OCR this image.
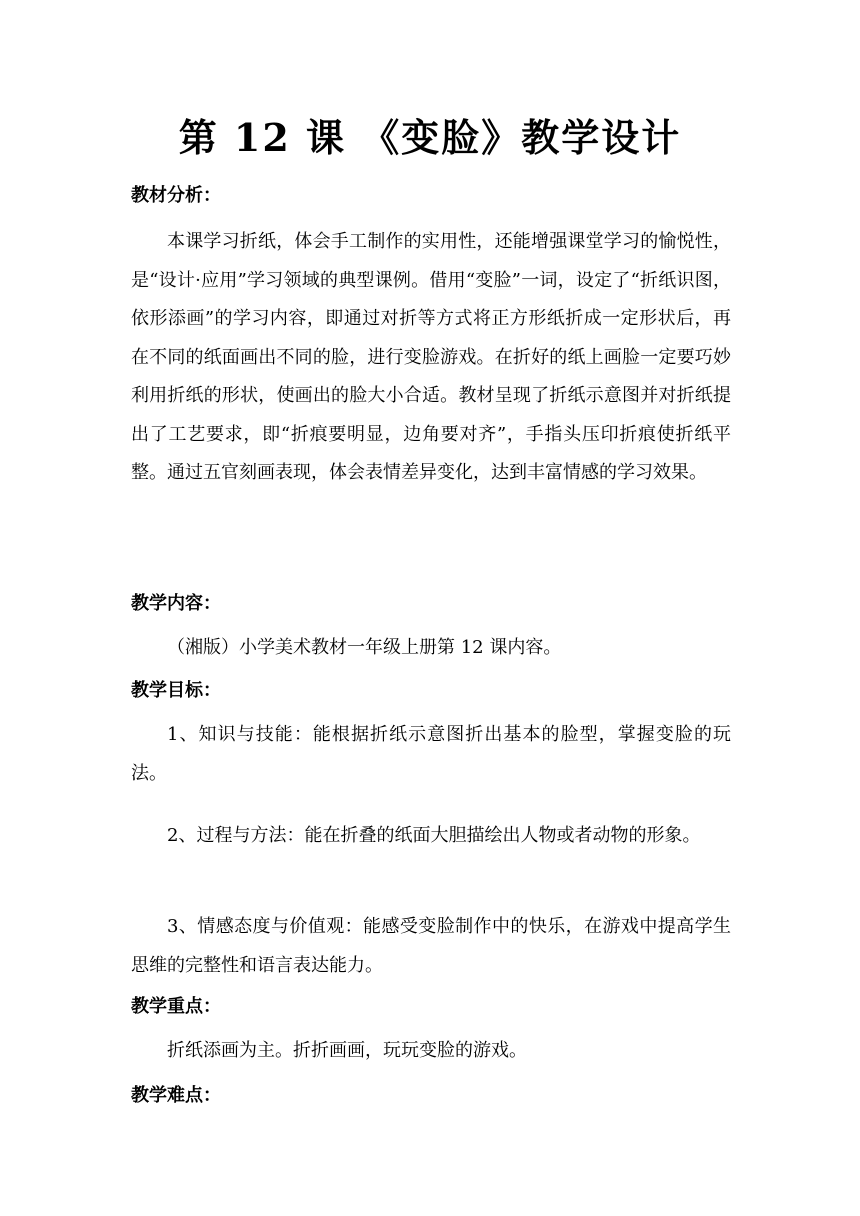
第 12 课 《变脸》教学设计
教材分析：

本课学习折纸，体会手工制作的实用性，还能增强课堂学习的愉悦性，是“设计·应用”学习领域的典型课例。借用“变脸”一词，设定了“折纸识图，依形添画”的学习内容，即通过对折等方式将正方形纸折成一定形状后，再在不同的纸面画出不同的脸，进行变脸游戏。在折好的纸上画脸一定要巧妙利用折纸的形状，使画出的脸大小合适。教材呈现了折纸示意图并对折纸提出了工艺要求，即“折痕要明显，边角要对齐”，手指头压印折痕使折纸平整。通过五官刻画表现，体会表情差异变化，达到丰富情感的学习效果。

教学内容：
（湘版）小学美术教材一年级上册第 12 课内容。
教学目标：

1、知识与技能：能根据折纸示意图折出基本的脸型，掌握变脸的玩法。

2、过程与方法：能在折叠的纸面大胆描绘出人物或者动物的形象。

3、情感态度与价值观：能感受变脸制作中的快乐，在游戏中提高学生思维的完整性和语言表达能力。

教学重点：
折纸添画为主。折折画画，玩玩变脸的游戏。
教学难点：
